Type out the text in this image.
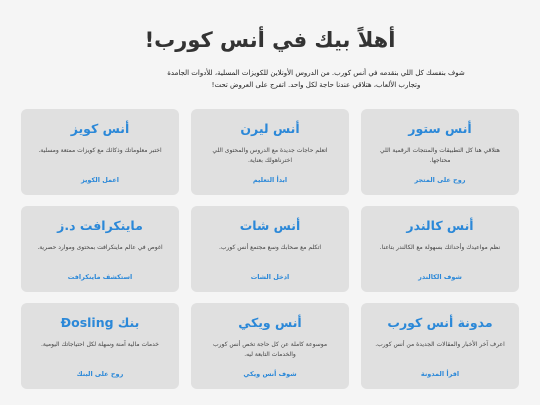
أهلاً بيك في أنس كورب!

شوف بنفسك كل اللي بنقدمه في أنس كورب. من الدروس الأونلاين للكويزات المسلية، للأدوات الجامدة وتجارب الألعاب، هتلاقي عندنا حاجة لكل واحد. اتفرج على العروض تحت!

أنس ستور
هتلاقي هنا كل التطبيقات والمنتجات الرقمية اللي محتاجها.
روح على المتجر
أنس ليرن
اتعلم حاجات جديدة مع الدروس والمحتوى اللي اخترناهولك بعناية.
ابدأ التعليم
أنس كويز
اختبر معلوماتك وذكائك مع كويزات ممتعة ومسلية.
اعمل الكويز
أنس كالندر
نظم مواعيدك وأحداثك بسهولة مع الكالندر بتاعنا.
شوف الكالندر
أنس شات
اتكلم مع صحابك وسع مجتمع أنس كورب.
ادخل الشات
ماينكرافت د.ز
اغوص في عالم ماينكرافت بمحتوى وموارد حصرية.
استكشف ماينكرافت
مدونة أنس كورب
اعرف آخر الأخبار والمقالات الجديدة من أنس كورب.
اقرأ المدونة
أنس ويكي
موسوعة كاملة عن كل حاجة تخص أنس كورب والخدمات التابعة ليه.
شوف أنس ويكي
بنك Đosling
خدمات مالية آمنة وسهلة لكل احتياجاتك اليومية.
روح على البنك
